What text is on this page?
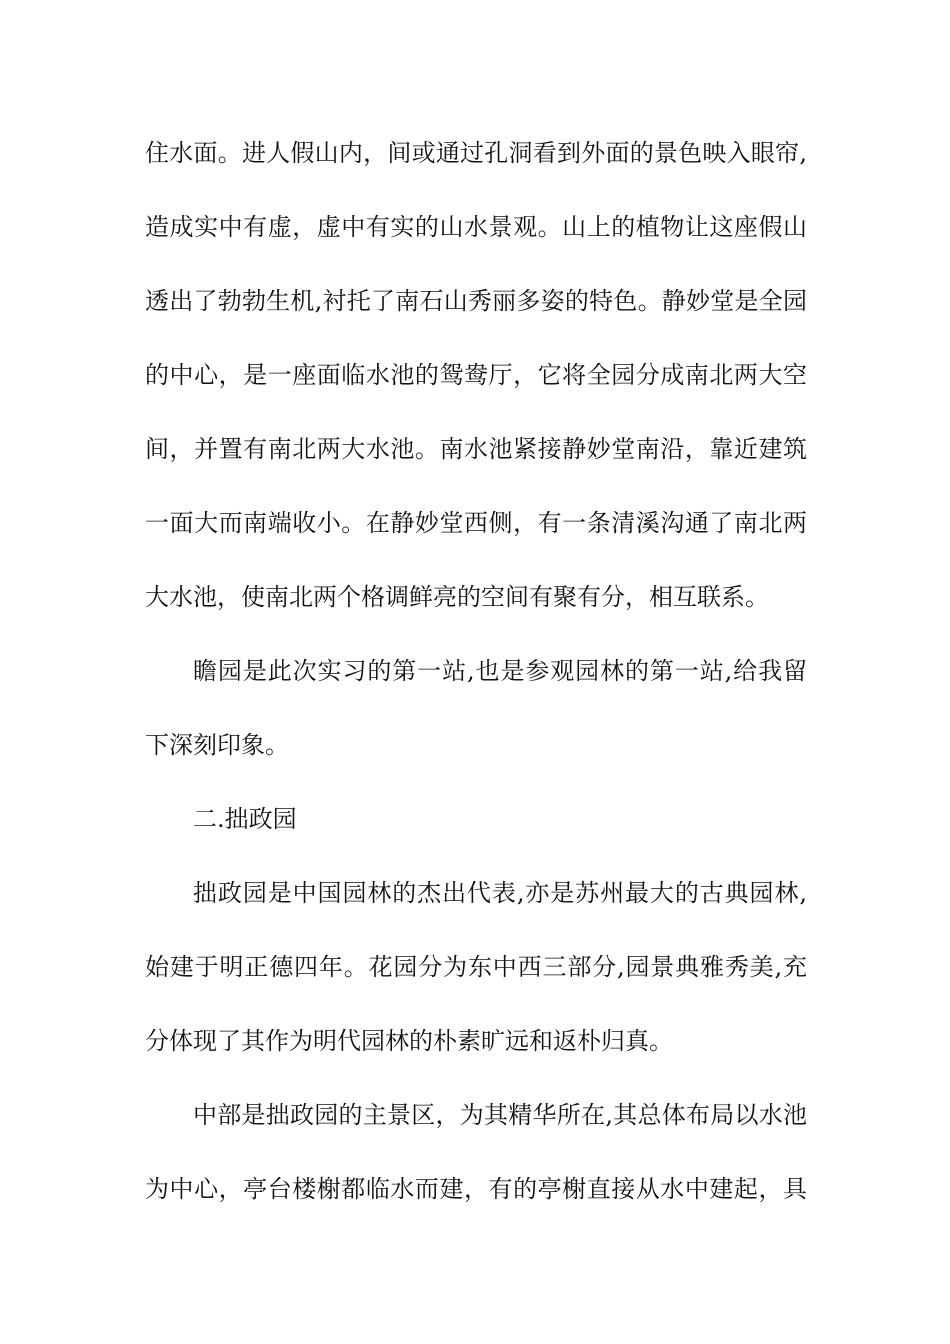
住水面。进人假山内，间或通过孔洞看到外面的景色映入眼帘,
造成实中有虚，虚中有实的山水景观。山上的植物让这座假山
透出了勃勃生机,衬托了南石山秀丽多姿的特色。静妙堂是全园
的中心，是一座面临水池的鸳鸯厅，它将全园分成南北两大空
间，并置有南北两大水池。南水池紧接静妙堂南沿，靠近建筑
一面大而南端收小。在静妙堂西侧，有一条清溪沟通了南北两
大水池，使南北两个格调鲜亮的空间有聚有分，相互联系。
瞻园是此次实习的第一站,也是参观园林的第一站,给我留
下深刻印象。
二.拙政园
拙政园是中国园林的杰出代表,亦是苏州最大的古典园林,
始建于明正德四年。花园分为东中西三部分,园景典雅秀美,充
分体现了其作为明代园林的朴素旷远和返朴归真。
中部是拙政园的主景区，为其精华所在,其总体布局以水池
为中心，亭台楼榭都临水而建，有的亭榭直接从水中建起，具
